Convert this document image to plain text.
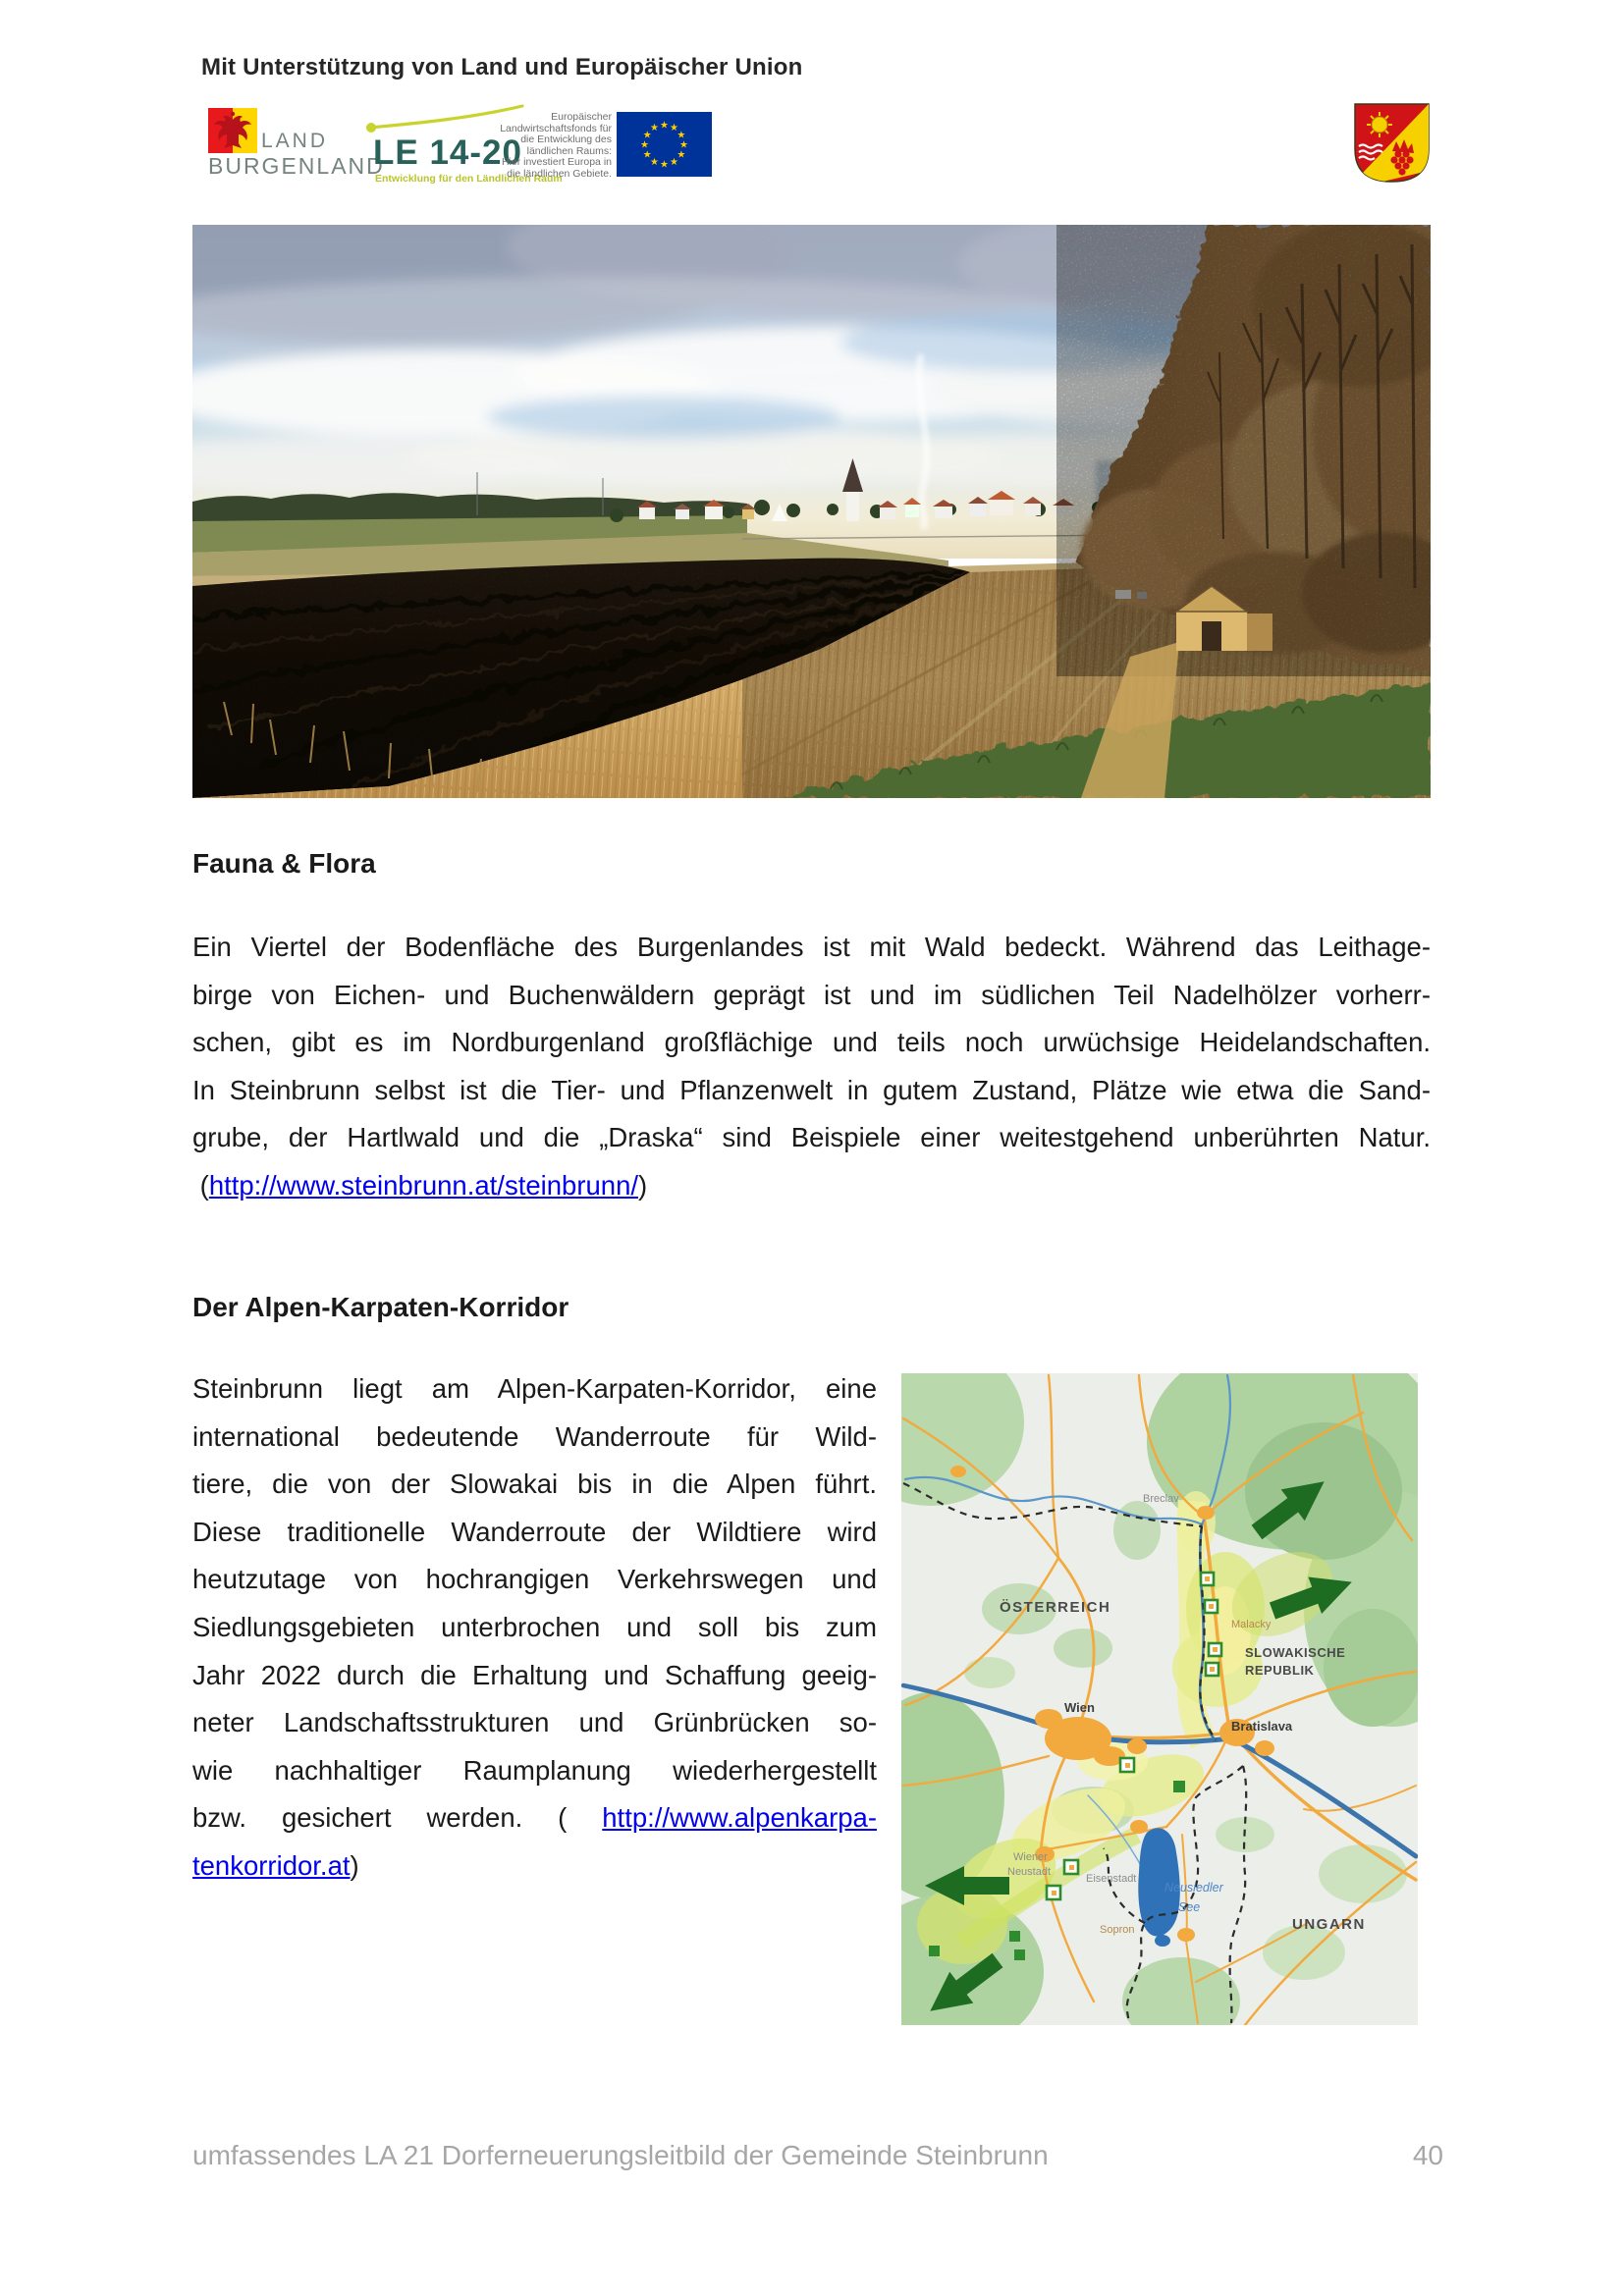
Mit Unterstützung von Land und Europäischer Union
LAND
BURGENLAND
LE 14-20
Entwicklung für den Ländlichen Raum
Europäischer
Landwirtschaftsfonds für
die Entwicklung des
ländlichen Raums:
Hier investiert Europa in
die ländlichen Gebiete.
★ ★
★
★
★
★
★
★
★
★
★
★
Fauna & Flora
Ein Viertel der Bodenfläche des Burgenlandes ist mit Wald bedeckt. Während das Leithage-
birge von Eichen- und Buchenwäldern geprägt ist und im südlichen Teil Nadelhölzer vorherr-
schen, gibt es im Nordburgenland großflächige und teils noch urwüchsige Heidelandschaften.
In Steinbrunn selbst ist die Tier- und Pflanzenwelt in gutem Zustand, Plätze wie etwa die Sand-
grube, der Hartlwald und die „Draska“ sind Beispiele einer weitestgehend unberührten Natur.
(http://www.steinbrunn.at/steinbrunn/)
Der Alpen-Karpaten-Korridor
Steinbrunn liegt am Alpen-Karpaten-Korridor, eine
international bedeutende Wanderroute für Wild-
tiere, die von der Slowakai bis in die Alpen führt.
Diese traditionelle Wanderroute der Wildtiere wird
heutzutage von hochrangigen Verkehrswegen und
Siedlungsgebieten unterbrochen und soll bis zum
Jahr 2022 durch die Erhaltung und Schaffung geeig-
neter Landschaftsstrukturen und Grünbrücken so-
wie nachhaltiger Raumplanung wiederhergestellt
bzw. gesichert werden. ( http://www.alpenkarpa-
tenkorridor.at)
Breclav
ÖSTERREICH
Malacky
SLOWAKISCHE
REPUBLIK
Wien
Bratislava
Wiener
Neustadt
Eisenstadt
Neusiedler
See
Sopron	UNGARN
umfassendes LA 21 Dorferneuerungsleitbild der Gemeinde Steinbrunn	40
